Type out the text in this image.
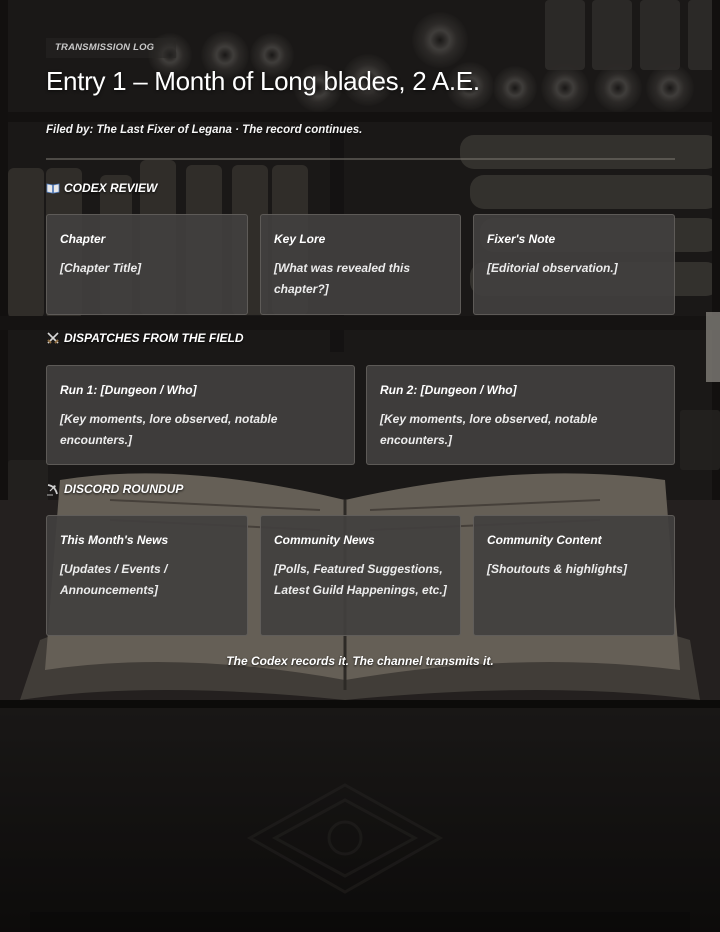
TRANSMISSION LOG
Entry 1 – Month of Long blades, 2 A.E.
Filed by: The Last Fixer of Legana · The record continues.
CODEX REVIEW
Chapter
[Chapter Title]
Key Lore
[What was revealed this chapter?]
Fixer's Note
[Editorial observation.]
DISPATCHES FROM THE FIELD
Run 1: [Dungeon / Who]
[Key moments, lore observed, notable encounters.]
Run 2: [Dungeon / Who]
[Key moments, lore observed, notable encounters.]
DISCORD ROUNDUP
This Month's News
[Updates / Events / Announcements]
Community News
[Polls, Featured Suggestions, Latest Guild Happenings, etc.]
Community Content
[Shoutouts & highlights]
The Codex records it. The channel transmits it.
